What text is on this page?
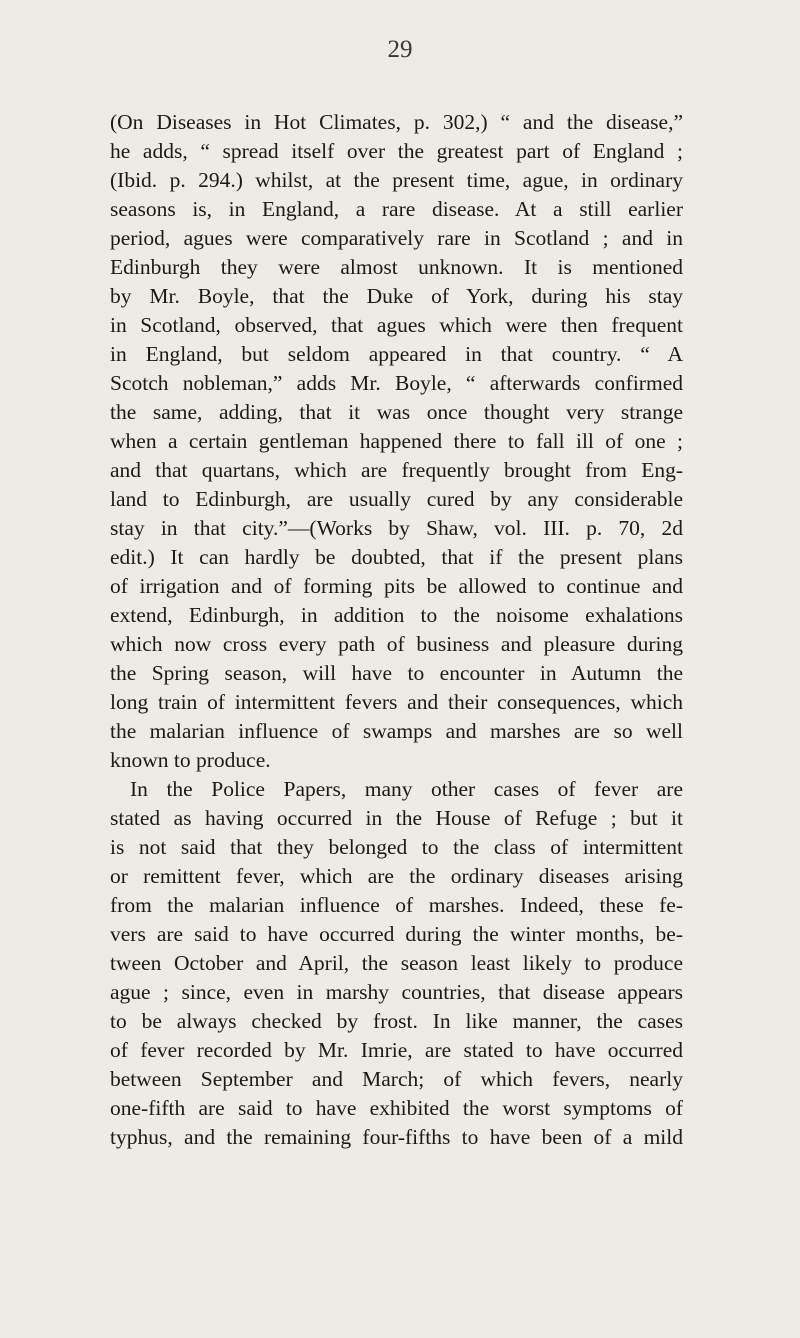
29
(On Diseases in Hot Climates, p. 302,) “ and the disease,”
he adds, “ spread itself over the greatest part of England ;
(Ibid. p. 294.) whilst, at the present time, ague, in ordinary
seasons is, in England, a rare disease. At a still earlier
period, agues were comparatively rare in Scotland ; and in
Edinburgh they were almost unknown. It is mentioned
by Mr. Boyle, that the Duke of York, during his stay
in Scotland, observed, that agues which were then frequent
in England, but seldom appeared in that country. “ A
Scotch nobleman,” adds Mr. Boyle, “ afterwards confirmed
the same, adding, that it was once thought very strange
when a certain gentleman happened there to fall ill of one ;
and that quartans, which are frequently brought from Eng-
land to Edinburgh, are usually cured by any considerable
stay in that city.”—(Works by Shaw, vol. III. p. 70, 2d
edit.) It can hardly be doubted, that if the present plans
of irrigation and of forming pits be allowed to continue and
extend, Edinburgh, in addition to the noisome exhalations
which now cross every path of business and pleasure during
the Spring season, will have to encounter in Autumn the
long train of intermittent fevers and their consequences, which
the malarian influence of swamps and marshes are so well
known to produce.
In the Police Papers, many other cases of fever are
stated as having occurred in the House of Refuge ; but it
is not said that they belonged to the class of intermittent
or remittent fever, which are the ordinary diseases arising
from the malarian influence of marshes. Indeed, these fe-
vers are said to have occurred during the winter months, be-
tween October and April, the season least likely to produce
ague ; since, even in marshy countries, that disease appears
to be always checked by frost. In like manner, the cases
of fever recorded by Mr. Imrie, are stated to have occurred
between September and March; of which fevers, nearly
one-fifth are said to have exhibited the worst symptoms of
typhus, and the remaining four-fifths to have been of a mild
